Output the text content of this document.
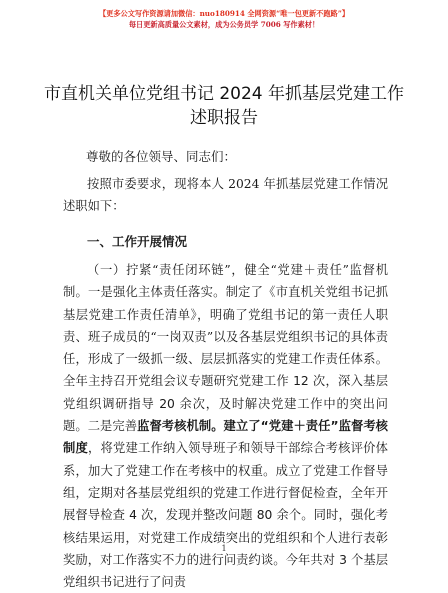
【更多公文写作资源请加微信：nuo180914 全网资源“唯一包更新不跑路”】
每日更新高质量公文素材，成为公务员学 7006 写作素材！
市直机关单位党组书记 2024 年抓基层党建工作述职报告
尊敬的各位领导、同志们：
按照市委要求，现将本人 2024 年抓基层党建工作情况述职如下：
一、工作开展情况
（一）拧紧“责任闭环链”，健全“党建＋责任”监督机制。一是强化主体责任落实。制定了《市直机关党组书记抓基层党建工作责任清单》，明确了党组书记的第一责任人职责、班子成员的“一岗双责”以及各基层党组织书记的具体责任，形成了一级抓一级、层层抓落实的党建工作责任体系。全年主持召开党组会议专题研究党建工作 12 次，深入基层党组织调研指导 20 余次，及时解决党建工作中的突出问题。二是完善监督考核机制。建立了“党建＋责任”监督考核制度，将党建工作纳入领导班子和领导干部综合考核评价体系，加大了党建工作在考核中的权重。成立了党建工作督导组，定期对各基层党组织的党建工作进行督促检查，全年开展督导检查 4 次，发现并整改问题 80 余个。同时，强化考核结果运用，对党建工作成绩突出的党组织和个人进行表彰奖励，对工作落实不力的进行问责约谈。今年共对 3 个基层党组织书记进行了问责
1
